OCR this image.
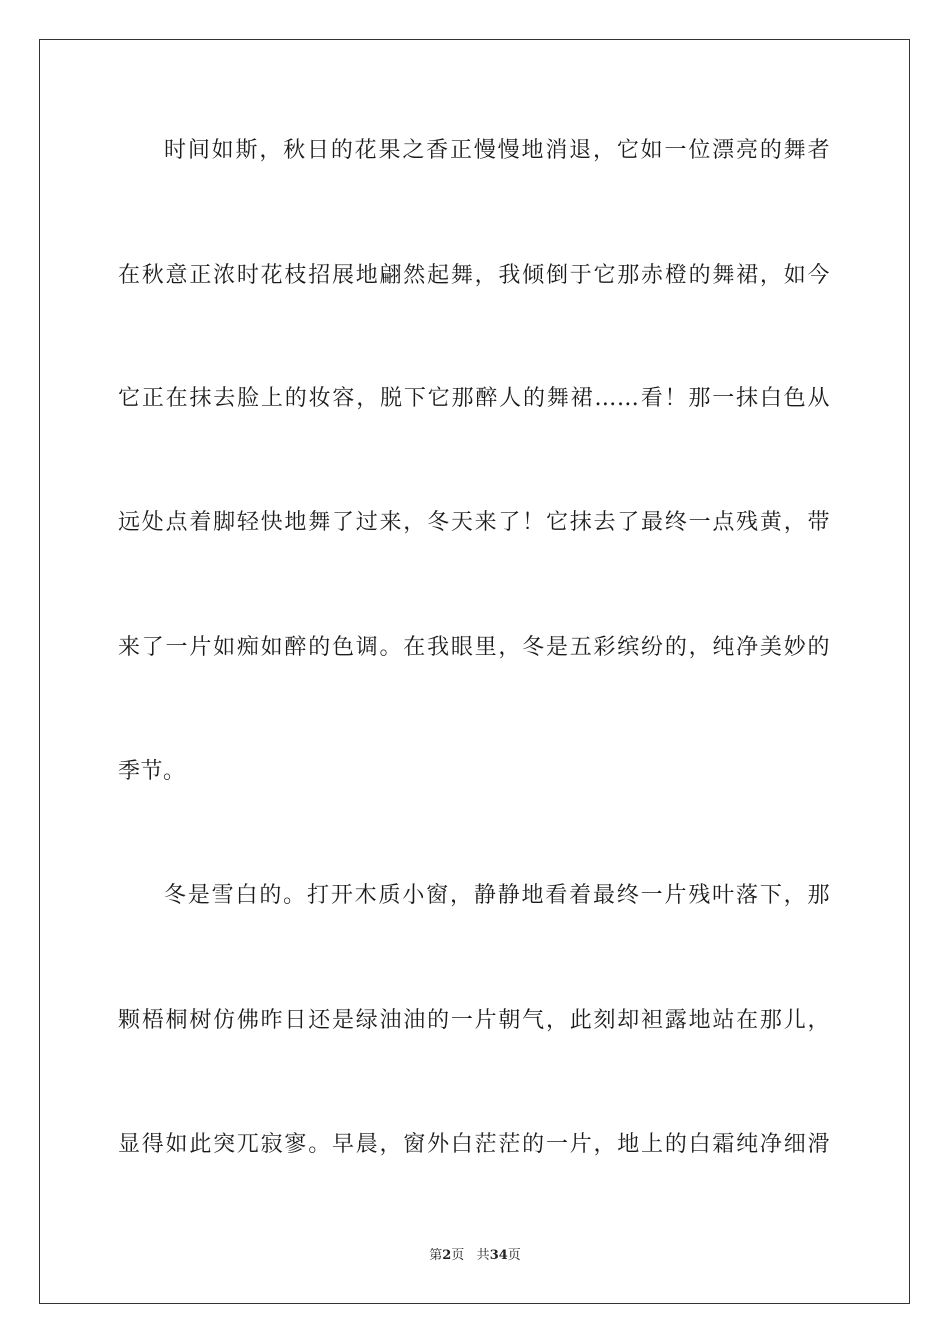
时间如斯，秋日的花果之香正慢慢地消退，它如一位漂亮的舞者
在秋意正浓时花枝招展地翩然起舞，我倾倒于它那赤橙的舞裙，如今
它正在抹去脸上的妆容，脱下它那醉人的舞裙……看！那一抹白色从
远处点着脚轻快地舞了过来，冬天来了！它抹去了最终一点残黄，带
来了一片如痴如醉的色调。在我眼里，冬是五彩缤纷的，纯净美妙的
季节。
冬是雪白的。打开木质小窗，静静地看着最终一片残叶落下，那
颗梧桐树仿佛昨日还是绿油油的一片朝气，此刻却袒露地站在那儿，
显得如此突兀寂寥。早晨，窗外白茫茫的一片，地上的白霜纯净细滑
第2页 共34页
